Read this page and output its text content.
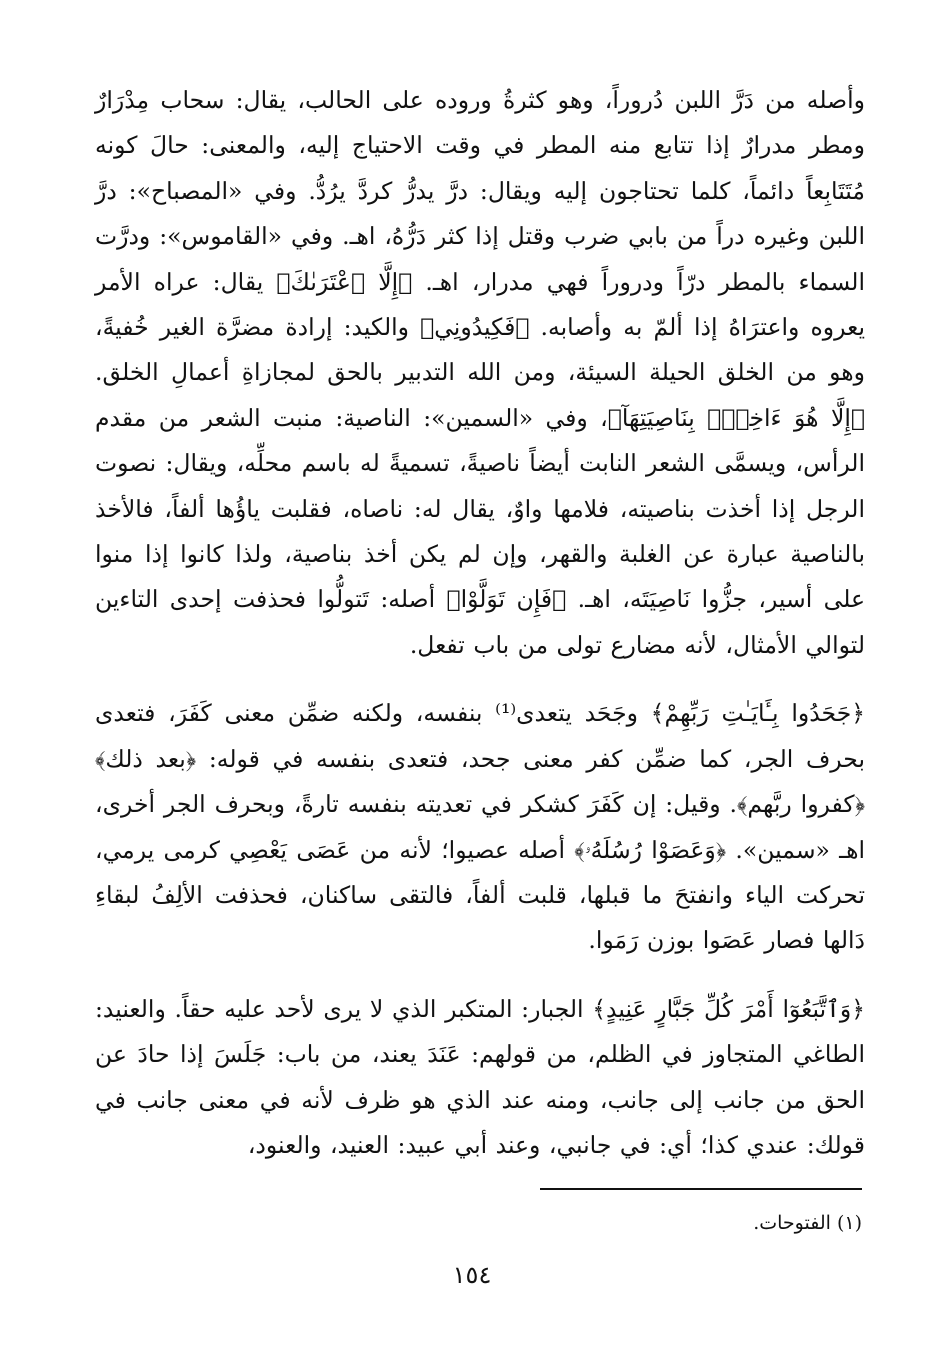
وأصله من دَرَّ اللبن دُروراً، وهو كثرةُ وروده على الحالب، يقال: سحاب مِدْرَارٌ ومطر مدرارٌ إذا تتابع منه المطر في وقت الاحتياج إليه، والمعنى: حالَ كونه مُتَتَابِعاً دائماً، كلما تحتاجون إليه ويقال: درَّ يدرُّ كردَّ يرُدُّ. وفي «المصباح»: درَّ اللبن وغيره دراً من بابي ضرب وقتل إذا كثر دَرُّهُ، اهـ. وفي «القاموس»: ودرَّت السماء بالمطر درّاً ودروراً فهي مدرار، اهـ. ﴿إِلَّا ٱعْتَرَىٰكَ﴾ يقال: عراه الأمر يعروه واعترَاهُ إذا ألمّ به وأصابه. ﴿فَكِيدُونِي﴾ والكيد: إرادة مضرَّة الغير خُفيةً، وهو من الخلق الحيلة السيئة، ومن الله التدبير بالحق لمجازاةِ أعمالِ الخلق. ﴿إِلَّا هُوَ ءَاخِذٌۢ بِنَاصِيَتِهَآ﴾، وفي «السمين»: الناصية: منبت الشعر من مقدم الرأس، ويسمَّى الشعر النابت أيضاً ناصيةً، تسميةً له باسم محلِّه، ويقال: نصوت الرجل إذا أخذت بناصيته، فلامها واوٌ، يقال له: ناصاه، فقلبت ياؤُها ألفاً، فالأخذ بالناصية عبارة عن الغلبة والقهر، وإن لم يكن أخذ بناصية، ولذا كانوا إذا منوا على أسير، جزُّوا نَاصِيَتَه، اهـ. ﴿فَإِن تَوَلَّوْا﴾ أصله: تَتولُّوا فحذفت إحدى التاءين لتوالي الأمثال، لأنه مضارع تولى من باب تفعل.

﴿جَحَدُوا بِـَٔايَـٰتِ رَبِّهِمْ﴾ وجَحَد يتعدى⁽¹⁾ بنفسه، ولكنه ضمِّن معنى كَفَرَ، فتعدى بحرف الجر، كما ضمِّن كفر معنى جحد، فتعدى بنفسه في قوله: ﴿بعد ذلك﴾ ﴿كفروا ربَّهم﴾. وقيل: إن كَفَرَ كشكر في تعديته بنفسه تارةً، وبحرف الجر أخرى، اهـ «سمين». ﴿وَعَصَوْا رُسُلَهُۥ﴾ أصله عصيوا؛ لأنه من عَصَى يَعْصِي كرمى يرمي، تحركت الياء وانفتحَ ما قبلها، قلبت ألفاً، فالتقى ساكنان، فحذفت الألِفُ لبقاءِ دَالها فصار عَصَوا بوزن رَمَوا.

﴿وَٱتَّبَعُوٓا أَمْرَ كُلِّ جَبَّارٍ عَنِيدٍ﴾ الجبار: المتكبر الذي لا يرى لأحد عليه حقاً. والعنيد: الطاغي المتجاوز في الظلم، من قولهم: عَنَدَ يعند، من باب: جَلَسَ إذا حادَ عن الحق من جانب إلى جانب، ومنه عند الذي هو ظرف لأنه في معنى جانب في قولك: عندي كذا؛ أي: في جانبي، وعند أبي عبيد: العنيد، والعنود،

(١) الفتوحات.

١٥٤
